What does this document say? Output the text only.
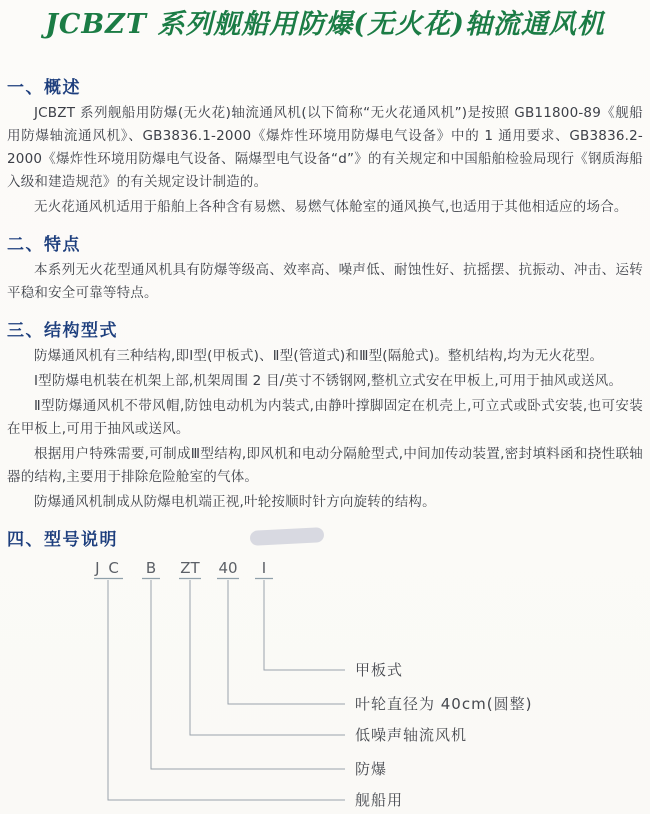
JCBZT 系列舰船用防爆(无火花)轴流通风机
一、概述

JCBZT 系列舰船用防爆(无火花)轴流通风机(以下简称“无火花通风机”)是按照 GB11800-89《舰船用防爆轴流通风机》、GB3836.1-2000《爆炸性环境用防爆电气设备》中的 1 通用要求、GB3836.2-2000《爆炸性环境用防爆电气设备、隔爆型电气设备“d”》的有关规定和中国船舶检验局现行《钢质海船入级和建造规范》的有关规定设计制造的。

无火花通风机适用于船舶上各种含有易燃、易燃气体舱室的通风换气,也适用于其他相适应的场合。

二、特点

本系列无火花型通风机具有防爆等级高、效率高、噪声低、耐蚀性好、抗摇摆、抗振动、冲击、运转平稳和安全可靠等特点。

三、结构型式

防爆通风机有三种结构,即Ⅰ型(甲板式)、Ⅱ型(管道式)和Ⅲ型(隔舱式)。整机结构,均为无火花型。

Ⅰ型防爆电机装在机架上部,机架周围 2 目/英寸不锈钢网,整机立式安在甲板上,可用于抽风或送风。

Ⅱ型防爆通风机不带风帽,防蚀电动机为内装式,由静叶撑脚固定在机壳上,可立式或卧式安装,也可安装在甲板上,可用于抽风或送风。

根据用户特殊需要,可制成Ⅲ型结构,即风机和电动分隔舱型式,中间加传动装置,密封填料函和挠性联轴器的结构,主要用于排除危险舱室的气体。

防爆通风机制成从防爆电机端正视,叶轮按顺时针方向旋转的结构。

四、型号说明
J C B ZT 40 Ⅰ
甲板式
叶轮直径为 40cm(圆整)
低噪声轴流风机
防爆
舰船用
